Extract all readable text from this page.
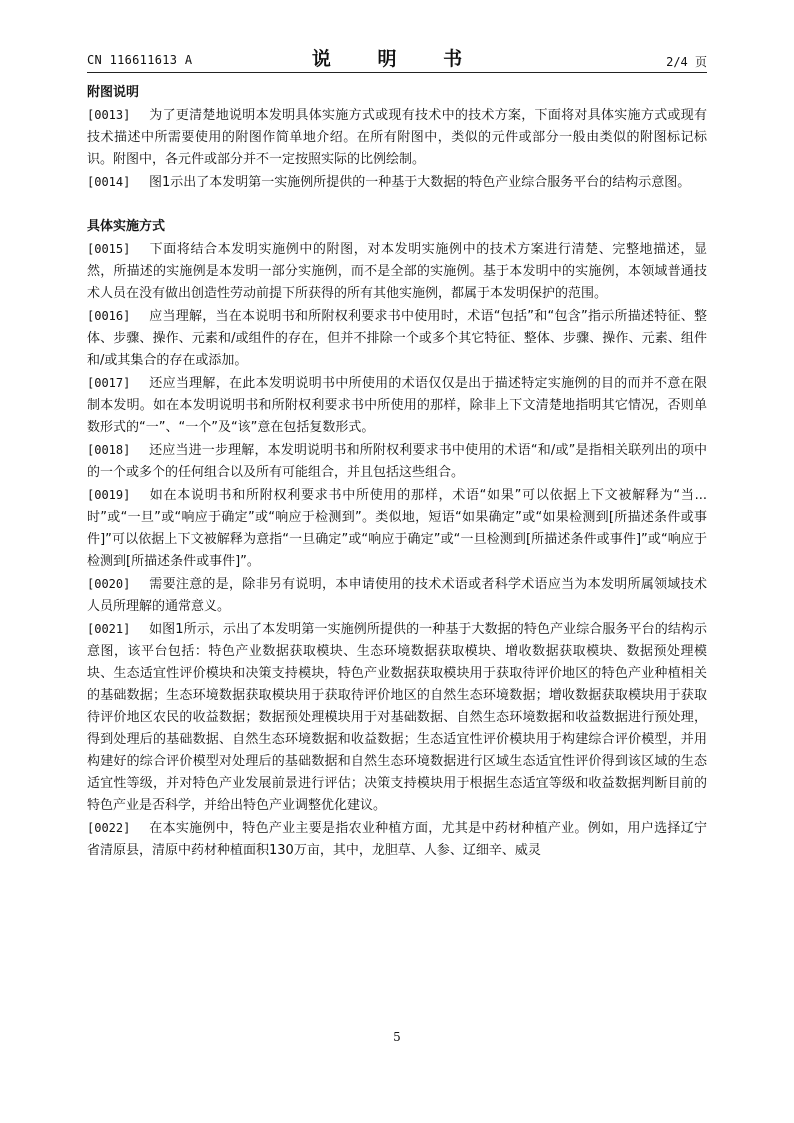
CN 116611613 A	说 明 书	2/4 页
附图说明

[0013] 为了更清楚地说明本发明具体实施方式或现有技术中的技术方案，下面将对具体实施方式或现有技术描述中所需要使用的附图作简单地介绍。在所有附图中，类似的元件或部分一般由类似的附图标记标识。附图中，各元件或部分并不一定按照实际的比例绘制。

[0014] 图1示出了本发明第一实施例所提供的一种基于大数据的特色产业综合服务平台的结构示意图。

具体实施方式

[0015] 下面将结合本发明实施例中的附图，对本发明实施例中的技术方案进行清楚、完整地描述，显然，所描述的实施例是本发明一部分实施例，而不是全部的实施例。基于本发明中的实施例，本领域普通技术人员在没有做出创造性劳动前提下所获得的所有其他实施例，都属于本发明保护的范围。

[0016] 应当理解，当在本说明书和所附权利要求书中使用时，术语“包括”和“包含”指示所描述特征、整体、步骤、操作、元素和/或组件的存在，但并不排除一个或多个其它特征、整体、步骤、操作、元素、组件和/或其集合的存在或添加。

[0017] 还应当理解，在此本发明说明书中所使用的术语仅仅是出于描述特定实施例的目的而并不意在限制本发明。如在本发明说明书和所附权利要求书中所使用的那样，除非上下文清楚地指明其它情况，否则单数形式的“一”、“一个”及“该”意在包括复数形式。

[0018] 还应当进一步理解，本发明说明书和所附权利要求书中使用的术语“和/或”是指相关联列出的项中的一个或多个的任何组合以及所有可能组合，并且包括这些组合。

[0019] 如在本说明书和所附权利要求书中所使用的那样，术语“如果”可以依据上下文被解释为“当...时”或“一旦”或“响应于确定”或“响应于检测到”。类似地，短语“如果确定”或“如果检测到[所描述条件或事件]”可以依据上下文被解释为意指“一旦确定”或“响应于确定”或“一旦检测到[所描述条件或事件]”或“响应于检测到[所描述条件或事件]”。

[0020] 需要注意的是，除非另有说明，本申请使用的技术术语或者科学术语应当为本发明所属领域技术人员所理解的通常意义。

[0021] 如图1所示，示出了本发明第一实施例所提供的一种基于大数据的特色产业综合服务平台的结构示意图，该平台包括：特色产业数据获取模块、生态环境数据获取模块、增收数据获取模块、数据预处理模块、生态适宜性评价模块和决策支持模块，特色产业数据获取模块用于获取待评价地区的特色产业种植相关的基础数据；生态环境数据获取模块用于获取待评价地区的自然生态环境数据；增收数据获取模块用于获取待评价地区农民的收益数据；数据预处理模块用于对基础数据、自然生态环境数据和收益数据进行预处理，得到处理后的基础数据、自然生态环境数据和收益数据；生态适宜性评价模块用于构建综合评价模型，并用构建好的综合评价模型对处理后的基础数据和自然生态环境数据进行区域生态适宜性评价得到该区域的生态适宜性等级，并对特色产业发展前景进行评估；决策支持模块用于根据生态适宜等级和收益数据判断目前的特色产业是否科学，并给出特色产业调整优化建议。

[0022] 在本实施例中，特色产业主要是指农业种植方面，尤其是中药材种植产业。例如，用户选择辽宁省清原县，清原中药材种植面积130万亩，其中，龙胆草、人参、辽细辛、威灵

5
